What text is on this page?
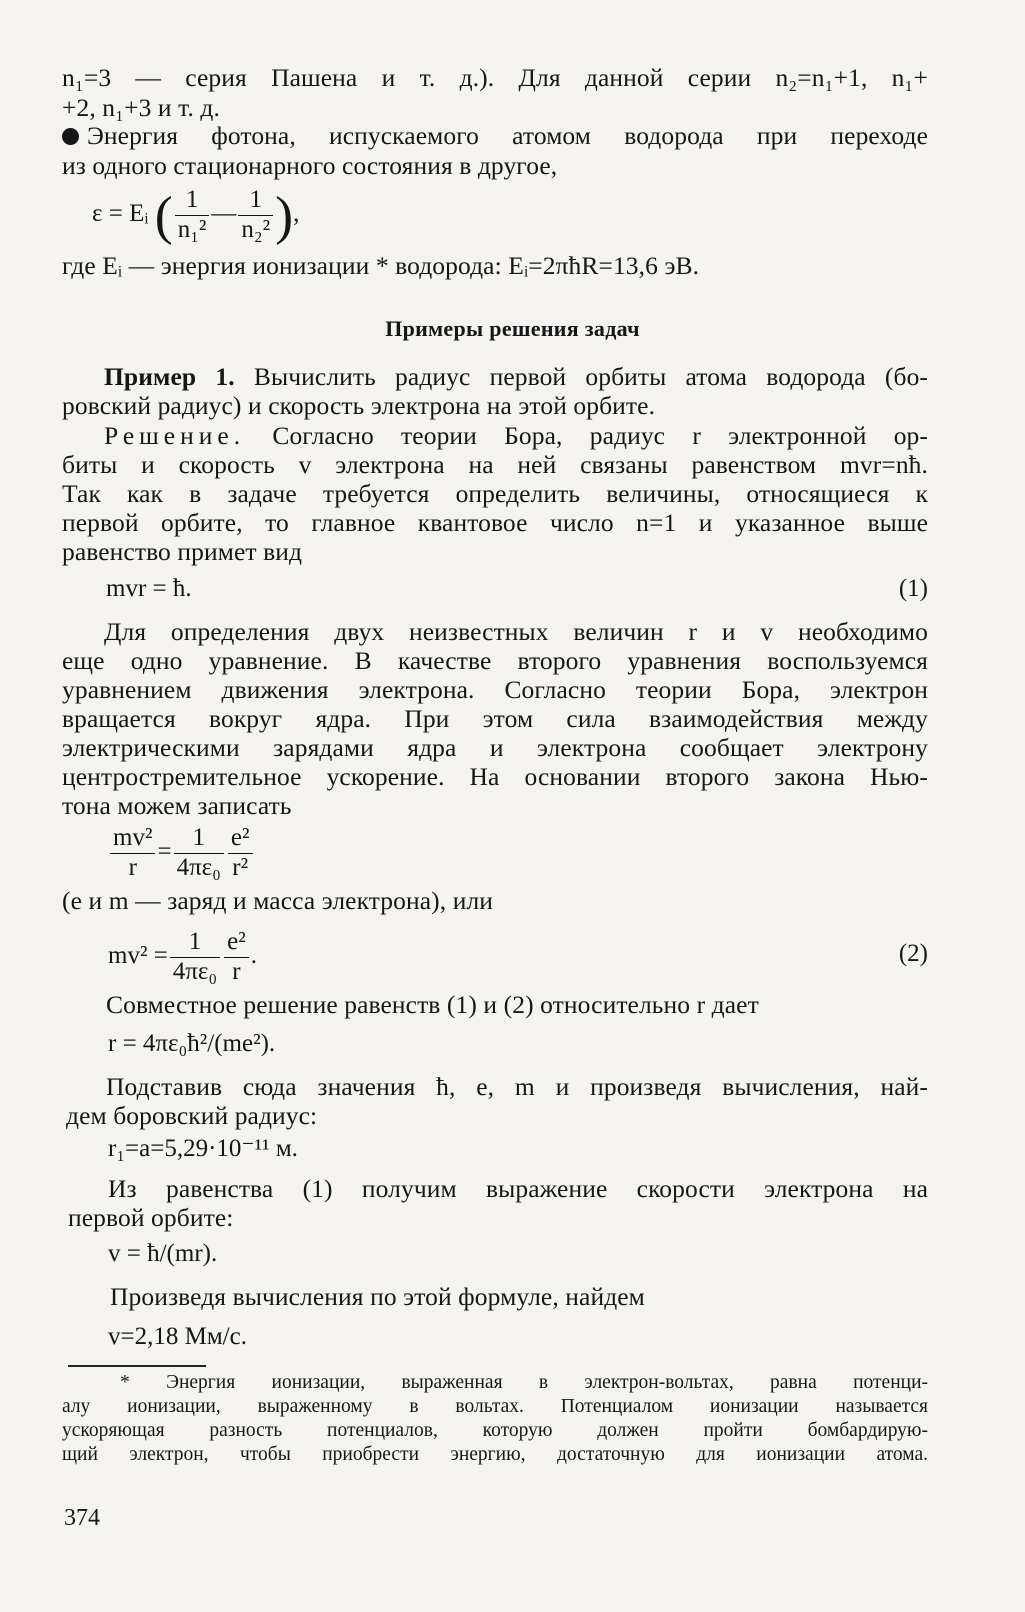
n₁=3 — серия Пашена и т. д.). Для данной серии n₂=n₁+1, n₁+
+2, n₁+3 и т. д.
Энергия фотона, испускаемого атомом водорода при переходе
из одного стационарного состояния в другое,
ε = Eᵢ ( $\frac{1}{\text{n₁²}}$ — $\frac{1}{\text{n₂²}}$ ),
где Eᵢ — энергия ионизации * водорода: Eᵢ=2πħR=13,6 эВ.
Примеры решения задач
Пример 1. Вычислить радиус первой орбиты атома водорода (бо-
ровский радиус) и скорость электрона на этой орбите.
Решение. Согласно теории Бора, радиус r электронной ор-
биты и скорость v электрона на ней связаны равенством mvr=nħ.
Так как в задаче требуется определить величины, относящиеся к
первой орбите, то главное квантовое число n=1 и указанное выше
равенство примет вид
mvr = ħ.	(1)
Для определения двух неизвестных величин r и v необходимо
еще одно уравнение. В качестве второго уравнения воспользуемся
уравнением движения электрона. Согласно теории Бора, электрон
вращается вокруг ядра. При этом сила взаимодействия между
электрическими зарядами ядра и электрона сообщает электрону
центростремительное ускорение. На основании второго закона Нью-
тона можем записать
$\frac{\text{mv²}}{r} = \frac{1}{\text{4πε₀}} \frac{\text{e²}}{\text{r²}}$
(e и m — заряд и масса электрона), или
$mv^2 = \frac{1}{\text{4πε₀}} \frac{\text{e²}}{r}$ .	(2)
Совместное решение равенств (1) и (2) относительно r дает
r = 4πε₀ħ²/(me²).
Подставив сюда значения ħ, e, m и произведя вычисления, най-
дем боровский радиус:
r₁=a=5,29·10⁻¹¹ м.
Из равенства (1) получим выражение скорости электрона на
первой орбите:
v = ħ/(mr).
Произведя вычисления по этой формуле, найдем
v=2,18 Мм/с.
* Энергия ионизации, выраженная в электрон-вольтах, равна потенци-
алу ионизации, выраженному в вольтах. Потенциалом ионизации называется
ускоряющая разность потенциалов, которую должен пройти бомбардирую-
щий электрон, чтобы приобрести энергию, достаточную для ионизации атома.
374
